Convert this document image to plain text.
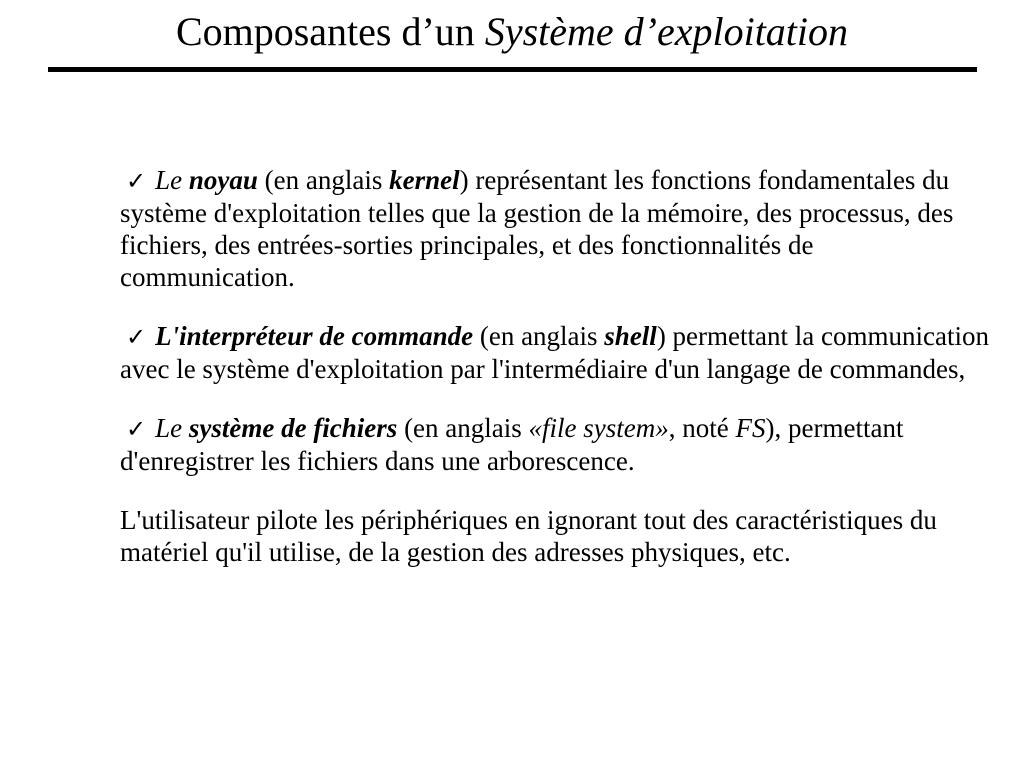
Composantes d’un Système d’exploitation

✓ Le noyau (en anglais kernel) représentant les fonctions fondamentales du
système d'exploitation telles que la gestion de la mémoire, des processus, des
fichiers, des entrées-sorties principales, et des fonctionnalités de
communication.

✓ L'interpréteur de commande (en anglais shell) permettant la communication
avec le système d'exploitation par l'intermédiaire d'un langage de commandes,

✓ Le système de fichiers (en anglais «file system», noté FS), permettant
d'enregistrer les fichiers dans une arborescence.

L'utilisateur pilote les périphériques en ignorant tout des caractéristiques du
matériel qu'il utilise, de la gestion des adresses physiques, etc.
